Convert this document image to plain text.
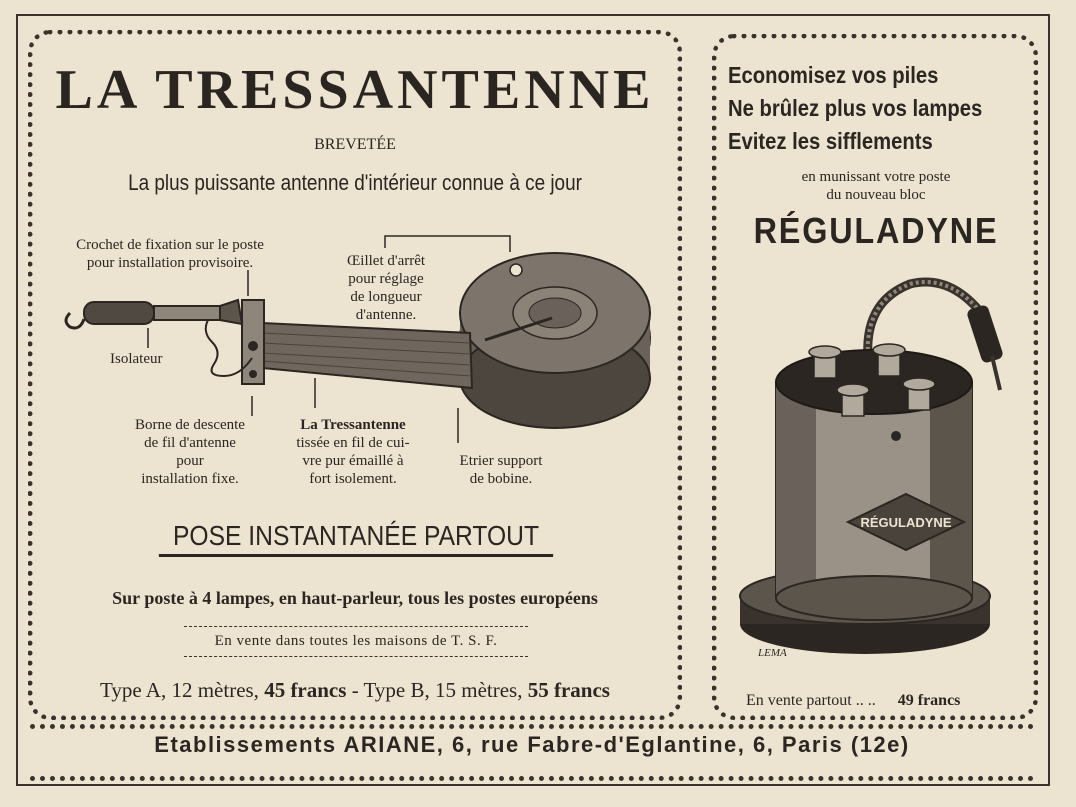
LA TRESSANTENNE
BREVETÉE
La plus puissante antenne d'intérieur connue à ce jour
Crochet de fixation sur le poste
pour installation provisoire.	Œillet d'arrêt
pour réglage
de longueur
d'antenne.
Isolateur
Borne de descente
de fil d'antenne
pour
installation fixe.
La Tressantenne
tissée en fil de cui-
vre pur émaillé à
fort isolement.
Etrier support
de bobine.
POSE INSTANTANÉE PARTOUT
Sur poste à 4 lampes, en haut-parleur, tous les postes européens
En vente dans toutes les maisons de T. S. F.
Type A, 12 mètres, 45 francs - Type B, 15 mètres, 55 francs
Economisez vos piles
Ne brûlez plus vos lampes
Evitez les sifflements
en munissant votre poste
du nouveau bloc
RÉGULADYNE
RÉGULADYNE
LEMA
En vente partout .. .. 49 francs
Etablissements ARIANE, 6, rue Fabre-d'Eglantine, 6, Paris (12e)
